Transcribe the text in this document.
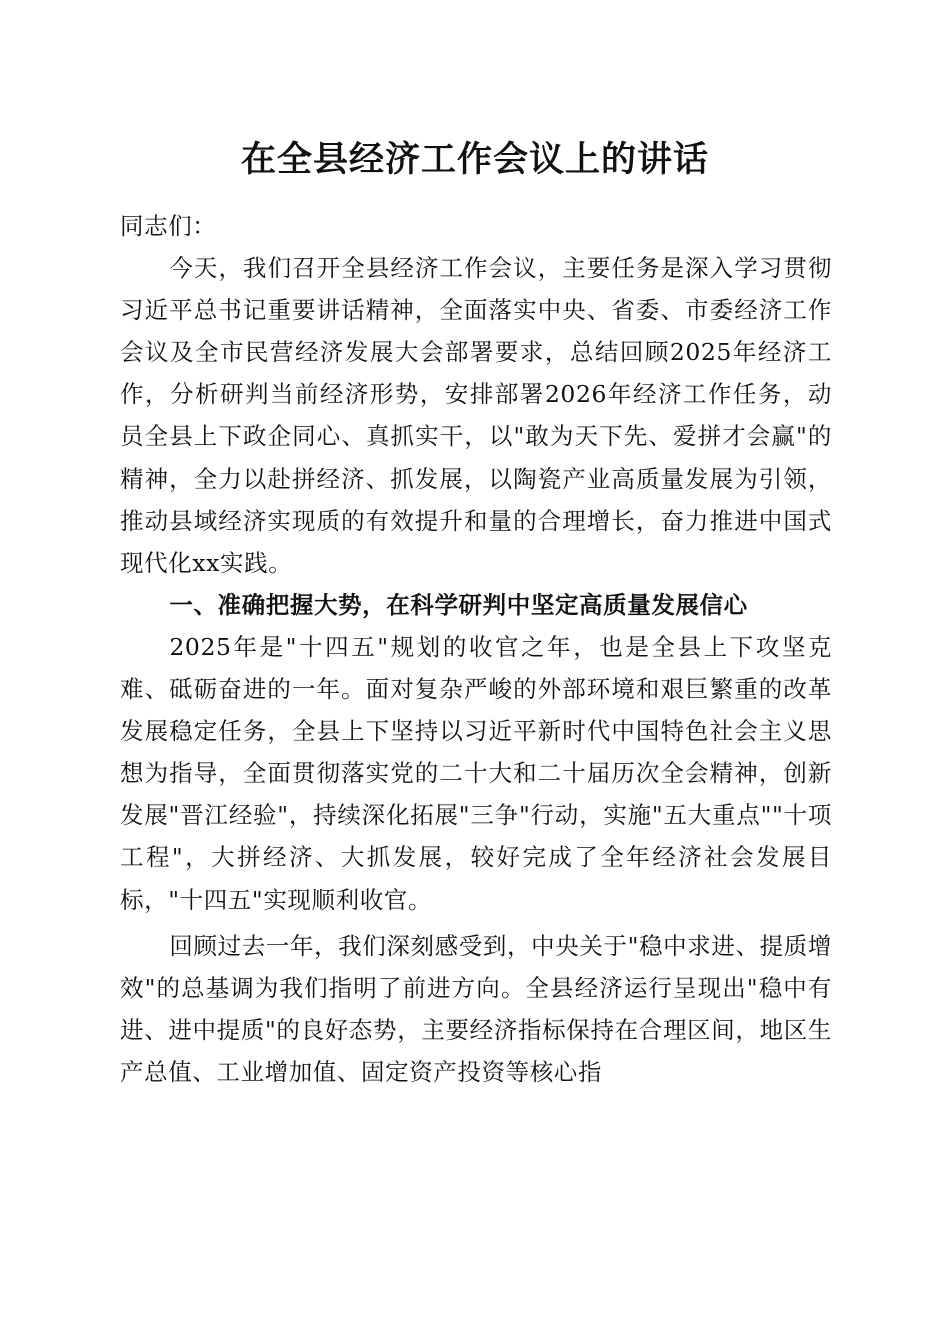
在全县经济工作会议上的讲话

同志们：

今天，我们召开全县经济工作会议，主要任务是深入学习贯彻习近平总书记重要讲话精神，全面落实中央、省委、市委经济工作会议及全市民营经济发展大会部署要求，总结回顾2025年经济工作，分析研判当前经济形势，安排部署2026年经济工作任务，动员全县上下政企同心、真抓实干，以"敢为天下先、爱拼才会赢"的精神，全力以赴拼经济、抓发展，以陶瓷产业高质量发展为引领，推动县域经济实现质的有效提升和量的合理增长，奋力推进中国式现代化xx实践。

一、准确把握大势，在科学研判中坚定高质量发展信心

2025年是"十四五"规划的收官之年，也是全县上下攻坚克难、砥砺奋进的一年。面对复杂严峻的外部环境和艰巨繁重的改革发展稳定任务，全县上下坚持以习近平新时代中国特色社会主义思想为指导，全面贯彻落实党的二十大和二十届历次全会精神，创新发展"晋江经验"，持续深化拓展"三争"行动，实施"五大重点""十项工程"，大拼经济、大抓发展，较好完成了全年经济社会发展目标，"十四五"实现顺利收官。

回顾过去一年，我们深刻感受到，中央关于"稳中求进、提质增效"的总基调为我们指明了前进方向。全县经济运行呈现出"稳中有进、进中提质"的良好态势，主要经济指标保持在合理区间，地区生产总值、工业增加值、固定资产投资等核心指
